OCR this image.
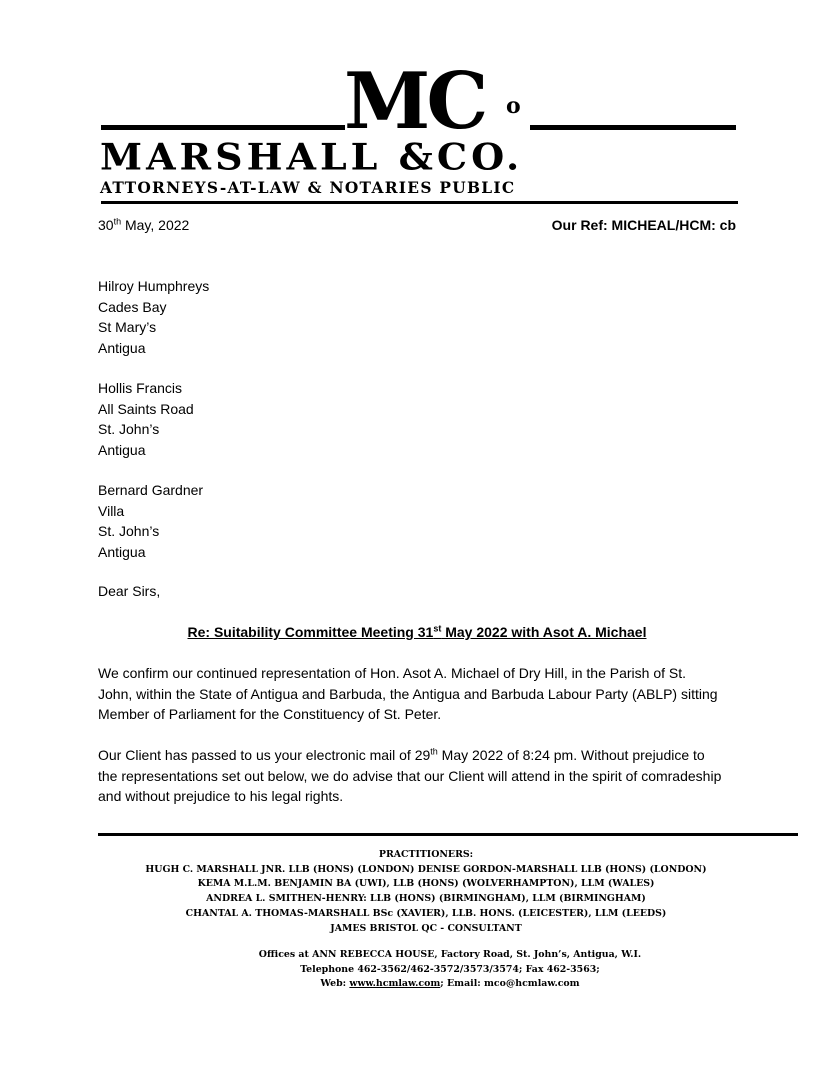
MC o
MARSHALL &CO.
ATTORNEYS-AT-LAW & NOTARIES PUBLIC
30th May, 2022	Our Ref: MICHEAL/HCM: cb
Hilroy Humphreys
Cades Bay
St Mary’s
Antigua
Hollis Francis
All Saints Road
St. John’s
Antigua
Bernard Gardner
Villa
St. John’s
Antigua
Dear Sirs,
Re: Suitability Committee Meeting 31st May 2022 with Asot A. Michael
We confirm our continued representation of Hon. Asot A. Michael of Dry Hill, in the Parish of St.
John, within the State of Antigua and Barbuda, the Antigua and Barbuda Labour Party (ABLP) sitting
Member of Parliament for the Constituency of St. Peter.
Our Client has passed to us your electronic mail of 29th May 2022 of 8:24 pm. Without prejudice to
the representations set out below, we do advise that our Client will attend in the spirit of comradeship
and without prejudice to his legal rights.
PRACTITIONERS:
HUGH C. MARSHALL JNR. LLB (HONS) (LONDON) DENISE GORDON-MARSHALL LLB (HONS) (LONDON)
KEMA M.L.M. BENJAMIN BA (UWI), LLB (HONS) (WOLVERHAMPTON), LLM (WALES)
ANDREA L. SMITHEN-HENRY: LLB (HONS) (BIRMINGHAM), LLM (BIRMINGHAM)
CHANTAL A. THOMAS-MARSHALL BSc (XAVIER), LLB. HONS. (LEICESTER), LLM (LEEDS)
JAMES BRISTOL QC - CONSULTANT
Offices at ANN REBECCA HOUSE, Factory Road, St. John’s, Antigua, W.I.
Telephone 462-3562/462-3572/3573/3574; Fax 462-3563;
Web: www.hcmlaw.com; Email: mco@hcmlaw.com
